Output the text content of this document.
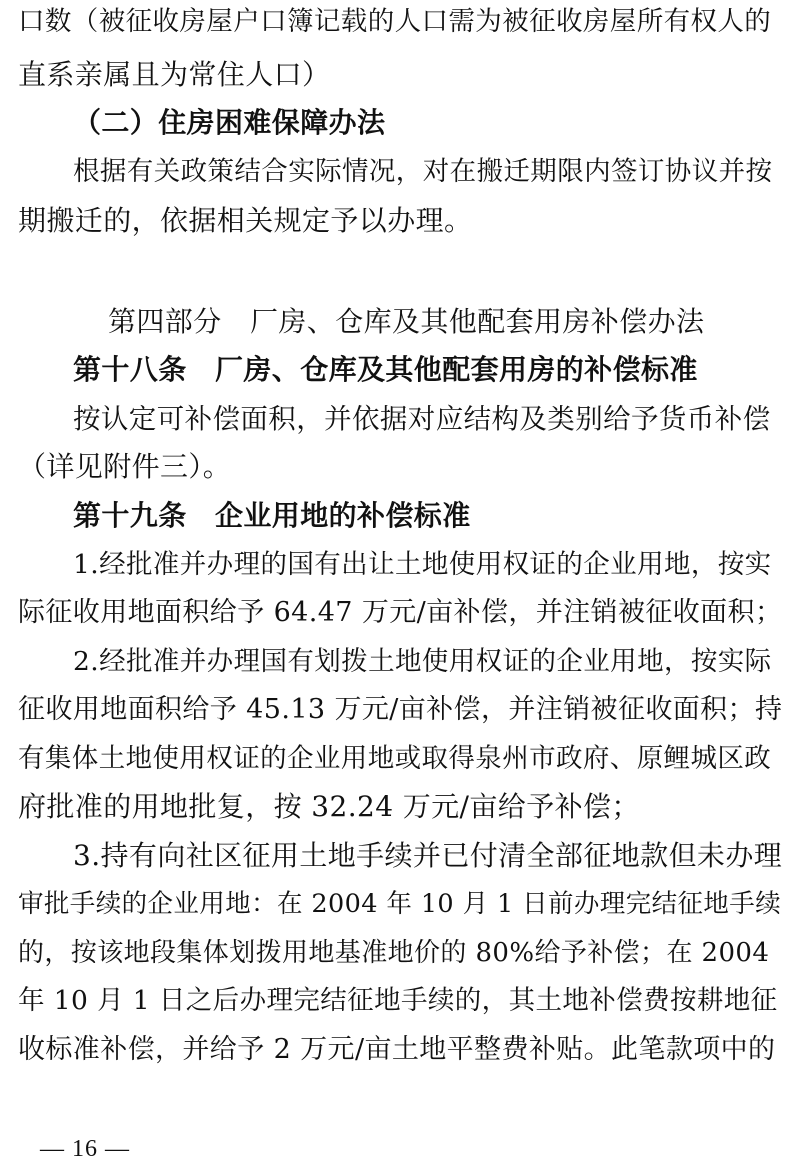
口数（被征收房屋户口簿记载的人口需为被征收房屋所有权人的
直系亲属且为常住人口）
（二）住房困难保障办法
根据有关政策结合实际情况，对在搬迁期限内签订协议并按
期搬迁的，依据相关规定予以办理。
第四部分　厂房、仓库及其他配套用房补偿办法
第十八条　厂房、仓库及其他配套用房的补偿标准
按认定可补偿面积，并依据对应结构及类别给予货币补偿
（详见附件三）。
第十九条　企业用地的补偿标准
1.经批准并办理的国有出让土地使用权证的企业用地，按实
际征收用地面积给予 64.47 万元/亩补偿，并注销被征收面积；
2.经批准并办理国有划拨土地使用权证的企业用地，按实际
征收用地面积给予 45.13 万元/亩补偿，并注销被征收面积；持
有集体土地使用权证的企业用地或取得泉州市政府、原鲤城区政
府批准的用地批复，按 32.24 万元/亩给予补偿；
3.持有向社区征用土地手续并已付清全部征地款但未办理
审批手续的企业用地：在 2004 年 10 月 1 日前办理完结征地手续
的，按该地段集体划拨用地基准地价的 80%给予补偿；在 2004
年 10 月 1 日之后办理完结征地手续的，其土地补偿费按耕地征
收标准补偿，并给予 2 万元/亩土地平整费补贴。此笔款项中的
— 16 —
